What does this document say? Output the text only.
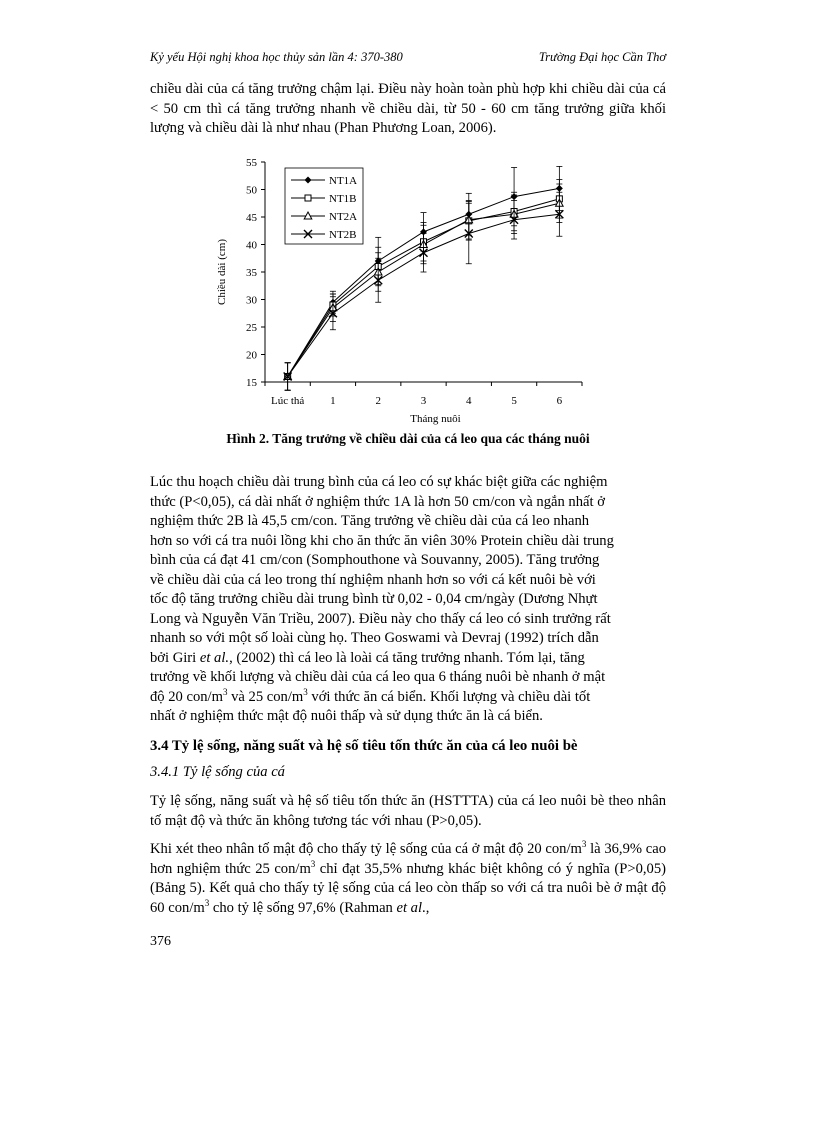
Kỷ yếu Hội nghị khoa học thủy sản lần 4: 370-380	Trường Đại học Cần Thơ

chiều dài của cá tăng trưởng chậm lại. Điều này hoàn toàn phù hợp khi chiều dài của cá < 50 cm thì cá tăng trưởng nhanh về chiều dài, từ 50 - 60 cm tăng trưởng giữa khối lượng và chiều dài là như nhau (Phan Phương Loan, 2006).

15
20
25
30
35
40
45
50
55
Lúc thả 1	2	3	4	5	6
Tháng nuôi
Chiều dài (cm)
NT1A
NT1B
NT2A
NT2B
Hình 2. Tăng trưởng về chiều dài của cá leo qua các tháng nuôi
Lúc thu hoạch chiều dài trung bình của cá leo có sự khác biệt giữa các nghiệm
thức (P<0,05), cá dài nhất ở nghiệm thức 1A là hơn 50 cm/con và ngắn nhất ở
nghiệm thức 2B là 45,5 cm/con. Tăng trưởng về chiều dài của cá leo nhanh
hơn so với cá tra nuôi lồng khi cho ăn thức ăn viên 30% Protein chiều dài trung
bình của cá đạt 41 cm/con (Somphouthone và Souvanny, 2005). Tăng trưởng
về chiều dài của cá leo trong thí nghiệm nhanh hơn so với cá kết nuôi bè với
tốc độ tăng trưởng chiều dài trung bình từ 0,02 - 0,04 cm/ngày (Dương Nhựt
Long và Nguyễn Văn Triều, 2007). Điều này cho thấy cá leo có sinh trưởng rất
nhanh so với một số loài cùng họ. Theo Goswami và Devraj (1992) trích dẫn
bởi Giri et al., (2002) thì cá leo là loài cá tăng trưởng nhanh. Tóm lại, tăng
trưởng về khối lượng và chiều dài của cá leo qua 6 tháng nuôi bè nhanh ở mật
độ 20 con/$m^3$ và 25 con/$m^3$ với thức ăn cá biển. Khối lượng và chiều dài tốt
nhất ở nghiệm thức mật độ nuôi thấp và sử dụng thức ăn là cá biển.
3.4 Tỷ lệ sống, năng suất và hệ số tiêu tốn thức ăn của cá leo nuôi bè
3.4.1 Tỷ lệ sống của cá

Tỷ lệ sống, năng suất và hệ số tiêu tốn thức ăn (HSTTTA) của cá leo nuôi bè theo nhân tố mật độ và thức ăn không tương tác với nhau (P>0,05).

Khi xét theo nhân tố mật độ cho thấy tỷ lệ sống của cá ở mật độ 20 con/$m^3$ là 36,9% cao hơn nghiệm thức 25 con/$m^3$ chỉ đạt 35,5% nhưng khác biệt không có ý nghĩa (P>0,05) (Bảng 5). Kết quả cho thấy tỷ lệ sống của cá leo còn thấp so với cá tra nuôi bè ở mật độ 60 con/$m^3$ cho tỷ lệ sống 97,6% (Rahman et al.,

376
